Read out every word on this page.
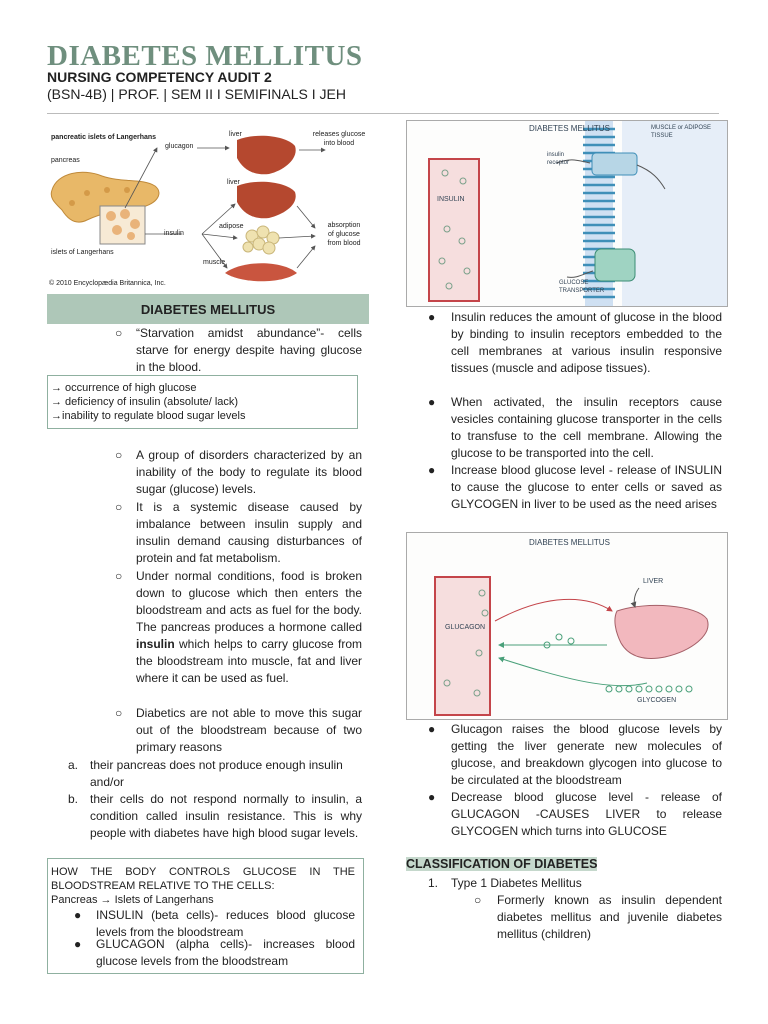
DIABETES MELLITUS
NURSING COMPETENCY AUDIT 2
(BSN-4B) | PROF. | SEM II I SEMIFINALS I JEH
pancreatic islets of Langerhans
pancreas
islets of Langerhans
glucagon
insulin
liver
liver
adipose
muscle
releases glucose
into blood
absorption
of glucose
from blood
© 2010 Encyclopædia Britannica, Inc.
DIABETES MELLITUS
○ “Starvation amidst abundance”- cells starve for energy despite having glucose in the blood.
→ occurrence of high glucose
→ deficiency of insulin (absolute/ lack)
→inability to regulate blood sugar levels
○ A group of disorders characterized by an inability of the body to regulate its blood sugar (glucose) levels.
○ It is a systemic disease caused by imbalance between insulin supply and insulin demand causing disturbances of protein and fat metabolism.
○ Under normal conditions, food is broken down to glucose which then enters the bloodstream and acts as fuel for the body. The pancreas produces a hormone called insulin which helps to carry glucose from the bloodstream into muscle, fat and liver where it can be used as fuel.
○ Diabetics are not able to move this sugar out of the bloodstream because of two primary reasons
a. their pancreas does not produce enough insulin and/or
b. their cells do not respond normally to insulin, a condition called insulin resistance. This is why people with diabetes have high blood sugar levels.
HOW THE BODY CONTROLS GLUCOSE IN THE BLOODSTREAM RELATIVE TO THE CELLS:
Pancreas → Islets of Langerhans
● INSULIN (beta cells)- reduces blood glucose levels from the bloodstream
● GLUCAGON (alpha cells)- increases blood glucose levels from the bloodstream
DIABETES MELLITUS
INSULIN
insulin
receptor
MUSCLE or ADIPOSE
TISSUE
GLUCOSE
TRANSPORTER
● Insulin reduces the amount of glucose in the blood by binding to insulin receptors embedded to the cell membranes at various insulin responsive tissues (muscle and adipose tissues).
● When activated, the insulin receptors cause vesicles containing glucose transporter in the cells to transfuse to the cell membrane. Allowing the glucose to be transported into the cell.
● Increase blood glucose level - release of INSULIN to cause the glucose to enter cells or saved as GLYCOGEN in liver to be used as the need arises
DIABETES MELLITUS
GLUCAGON
LIVER
GLYCOGEN
● Glucagon raises the blood glucose levels by getting the liver generate new molecules of glucose, and breakdown glycogen into glucose to be circulated at the bloodstream
● Decrease blood glucose level - release of GLUCAGON -CAUSES LIVER to release GLYCOGEN which turns into GLUCOSE
CLASSIFICATION OF DIABETES
1. Type 1 Diabetes Mellitus
○ Formerly known as insulin dependent diabetes mellitus and juvenile diabetes mellitus (children)
